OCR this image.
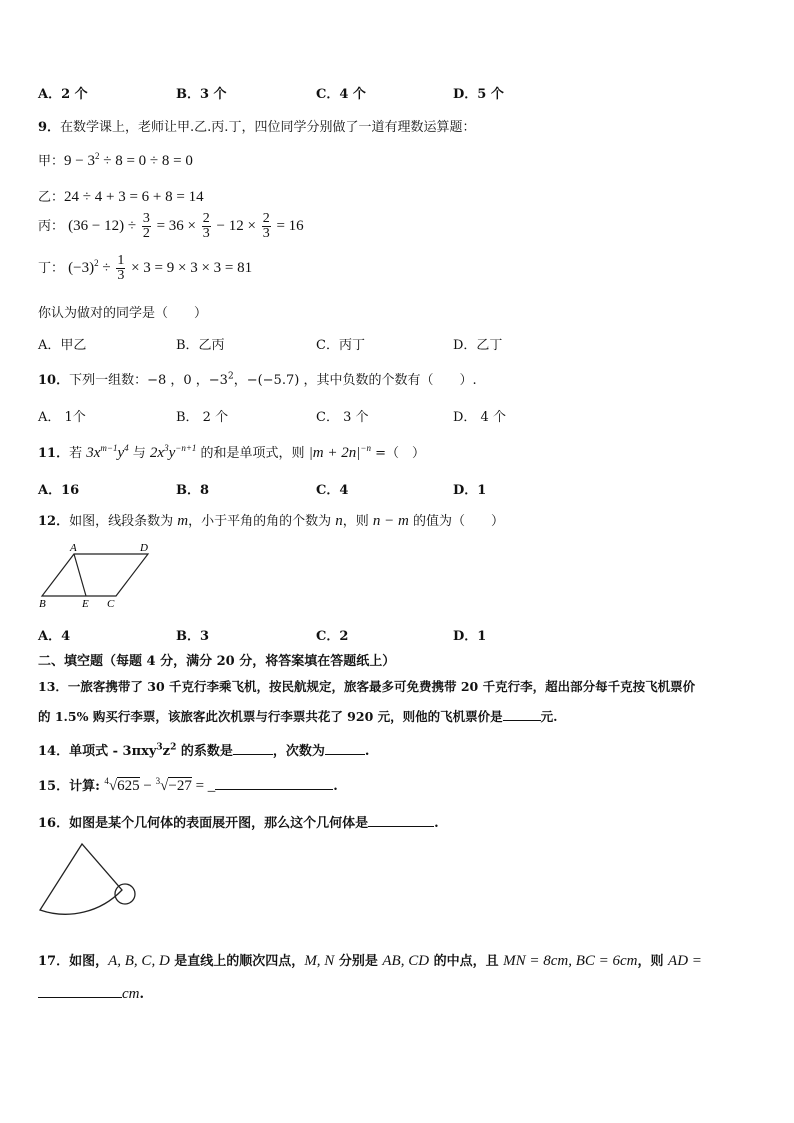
A．2 个	B．3 个	C．4 个	D．5 个
9．在数学课上，老师让甲.乙.丙.丁，四位同学分别做了一道有理数运算题：
甲：$9 - 3^2 \div 8 = 0 \div 8 = 0$
乙：24 ÷ 4 + 3 = 6 + 8 = 14
丙： $(36 - 12) \div \frac{3}{2} = 36 \times \frac{2}{3} - 12 \times \frac{2}{3} = 16$
丁： $(-3)^2 \div \frac{1}{3} \times 3 = 9 \times 3 \times 3 = 81$
你认为做对的同学是（　　）
A．甲乙	B．乙丙	C．丙丁	D．乙丁
10．下列一组数：−8 ，0 ，$-3^2$，−(−5.7) ，其中负数的个数有（　　）.
A． 1个	B． 2 个	C． 3 个	D． 4 个
11．若 $3x^{m-1}y^4$ 与 $2x^3y^{-n+1}$ 的和是单项式，则 $|m + 2n|^{-n}$ =（　）
A．16	B．8	C．4	D．1
12．如图，线段条数为 m，小于平角的角的个数为 n，则 n − m 的值为（　　）
A	D
B	E C
A．4	B．3	C．2	D．1
二、填空题（每题 4 分，满分 20 分，将答案填在答题纸上）
13．一旅客携带了 30 千克行李乘飞机，按民航规定，旅客最多可免费携带 20 千克行李，超出部分每千克按飞机票价
的 1.5% 购买行李票，该旅客此次机票与行李票共花了 920 元，则他的飞机票价是	元.
14．单项式 - $3\pi xy^3z^2$ 的系数是	，次数为	.
15．计算: $^4$√625 − $^3$√−27 = _	.
16．如图是某个几何体的表面展开图，那么这个几何体是	.
17．如图，A, B, C, D 是直线上的顺次四点，M, N 分别是 AB, CD 的中点，且 MN = 8cm, BC = 6cm，则 AD =
cm.
